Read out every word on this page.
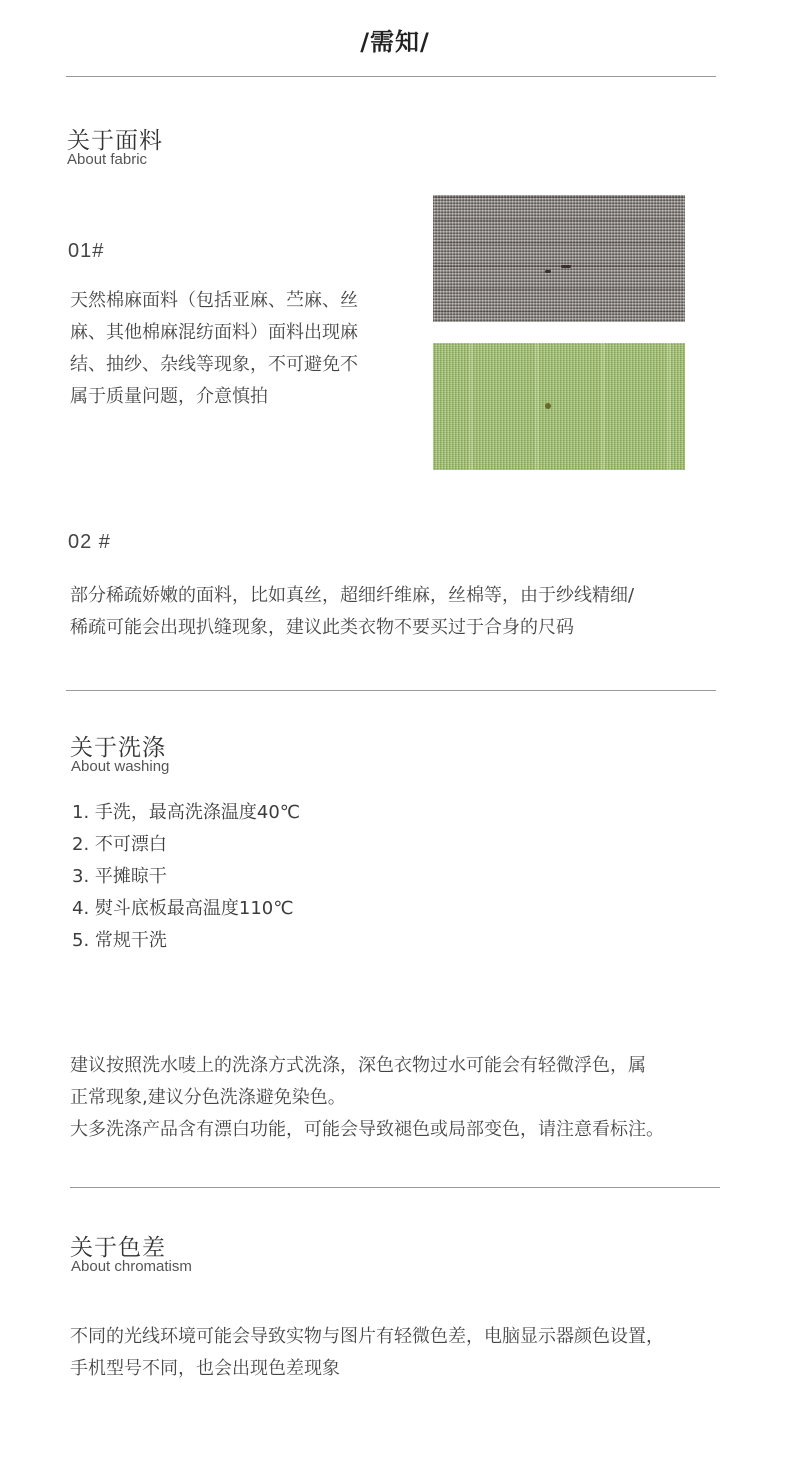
/需知/
关于面料
About fabric
01#
天然棉麻面料（包括亚麻、苎麻、丝
麻、其他棉麻混纺面料）面料出现麻
结、抽纱、杂线等现象，不可避免不
属于质量问题，介意慎拍
02 #
部分稀疏娇嫩的面料，比如真丝，超细纤维麻，丝棉等，由于纱线精细/
稀疏可能会出现扒缝现象，建议此类衣物不要买过于合身的尺码
关于洗涤
About washing
1. 手洗，最高洗涤温度40℃
2. 不可漂白
3. 平摊晾干
4. 熨斗底板最高温度110℃
5. 常规干洗
建议按照洗水唛上的洗涤方式洗涤，深色衣物过水可能会有轻微浮色，属
正常现象,建议分色洗涤避免染色。
大多洗涤产品含有漂白功能，可能会导致褪色或局部变色，请注意看标注。
关于色差
About chromatism
不同的光线环境可能会导致实物与图片有轻微色差，电脑显示器颜色设置，
手机型号不同，也会出现色差现象
